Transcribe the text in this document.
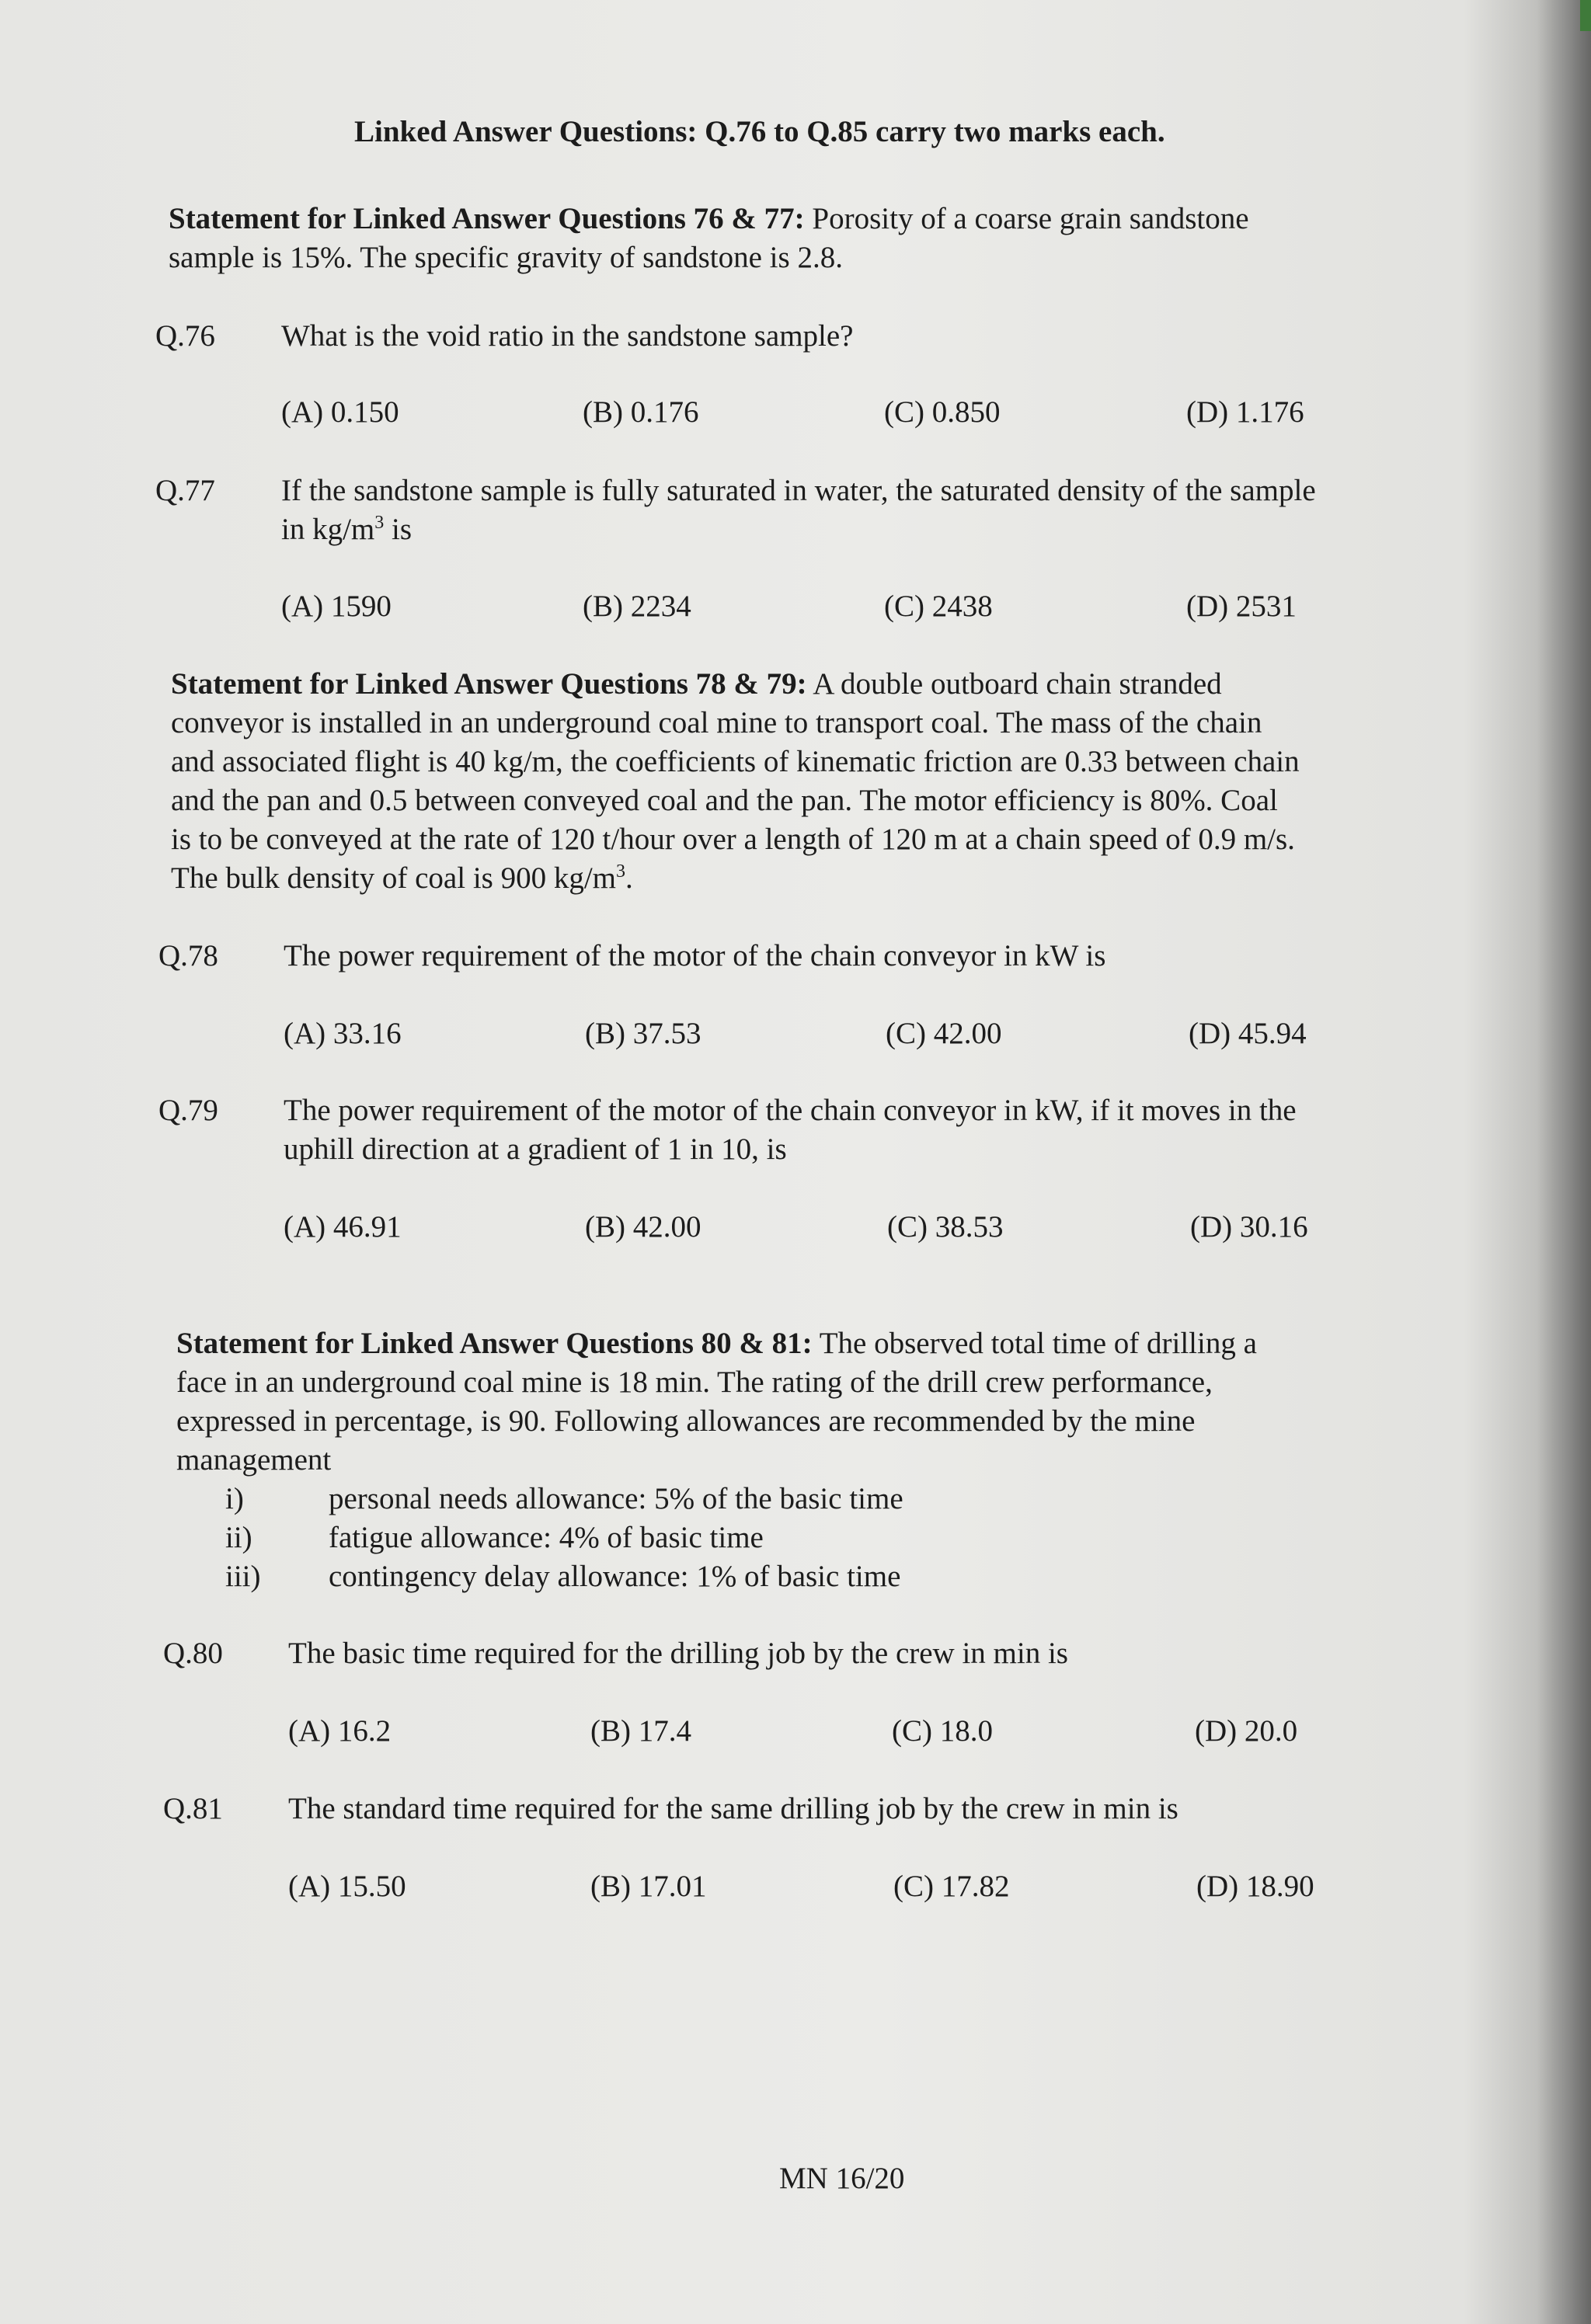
Linked Answer Questions: Q.76 to Q.85 carry two marks each.
Statement for Linked Answer Questions 76 & 77: Porosity of a coarse grain sandstone
sample is 15%. The specific gravity of sandstone is 2.8.
Q.76 What is the void ratio in the sandstone sample?
(A) 0.150	(B) 0.176	(C) 0.850	(D) 1.176
Q.77 If the sandstone sample is fully saturated in water, the saturated density of the sample
in $kg/m^3$ is
(A) 1590	(B) 2234	(C) 2438	(D) 2531
Statement for Linked Answer Questions 78 & 79: A double outboard chain stranded
conveyor is installed in an underground coal mine to transport coal. The mass of the chain
and associated flight is 40 kg/m, the coefficients of kinematic friction are 0.33 between chain
and the pan and 0.5 between conveyed coal and the pan. The motor efficiency is 80%. Coal
is to be conveyed at the rate of 120 t/hour over a length of 120 m at a chain speed of 0.9 m/s.
The bulk density of coal is 900 $kg/m^3$.
Q.78 The power requirement of the motor of the chain conveyor in kW is
(A) 33.16	(B) 37.53	(C) 42.00	(D) 45.94
Q.79 The power requirement of the motor of the chain conveyor in kW, if it moves in the
uphill direction at a gradient of 1 in 10, is
(A) 46.91	(B) 42.00	(C) 38.53	(D) 30.16
Statement for Linked Answer Questions 80 & 81: The observed total time of drilling a
face in an underground coal mine is 18 min. The rating of the drill crew performance,
expressed in percentage, is 90. Following allowances are recommended by the mine
management
i)	personal needs allowance: 5% of the basic time
ii)	fatigue allowance: 4% of basic time
iii) contingency delay allowance: 1% of basic time
Q.80 The basic time required for the drilling job by the crew in min is
(A) 16.2	(B) 17.4	(C) 18.0	(D) 20.0
Q.81 The standard time required for the same drilling job by the crew in min is
(A) 15.50	(B) 17.01	(C) 17.82	(D) 18.90
MN 16/20
